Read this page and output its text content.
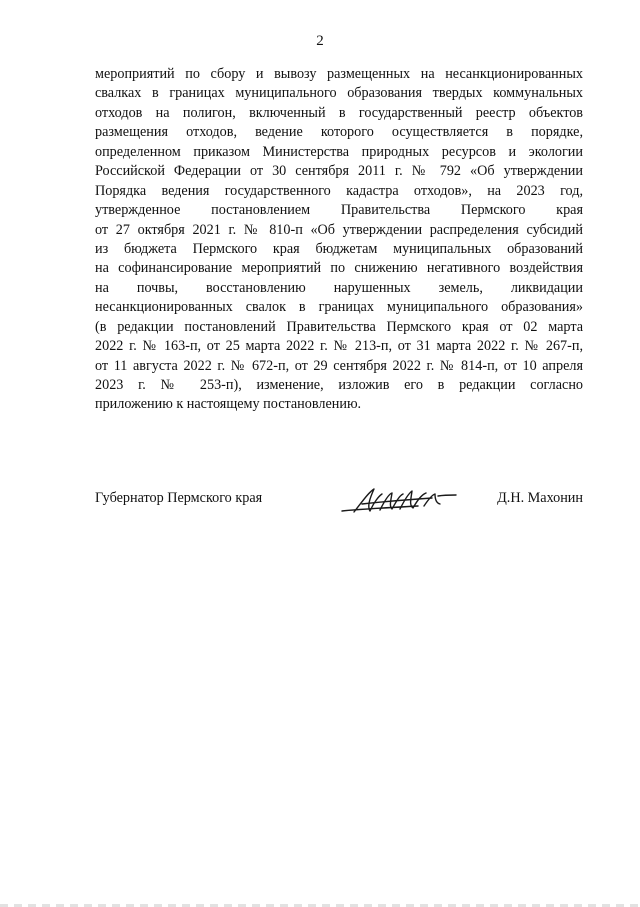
2
мероприятий по сбору и вывозу размещенных на несанкционированных
свалках в границах муниципального образования твердых коммунальных
отходов на полигон, включенный в государственный реестр объектов
размещения отходов, ведение которого осуществляется в порядке,
определенном приказом Министерства природных ресурсов и экологии
Российской Федерации от 30 сентября 2011 г. № 792 «Об утверждении
Порядка ведения государственного кадастра отходов», на 2023 год,
утвержденное постановлением Правительства Пермского края
от 27 октября 2021 г. № 810-п «Об утверждении распределения субсидий
из бюджета Пермского края бюджетам муниципальных образований
на софинансирование мероприятий по снижению негативного воздействия
на почвы, восстановлению нарушенных земель, ликвидации
несанкционированных свалок в границах муниципального образования»
(в редакции постановлений Правительства Пермского края от 02 марта
2022 г. № 163-п, от 25 марта 2022 г. № 213-п, от 31 марта 2022 г. № 267-п,
от 11 августа 2022 г. № 672-п, от 29 сентября 2022 г. № 814-п, от 10 апреля
2023 г. № 253-п), изменение, изложив его в редакции согласно
приложению к настоящему постановлению.
Губернатор Пермского края	Д.Н. Махонин
